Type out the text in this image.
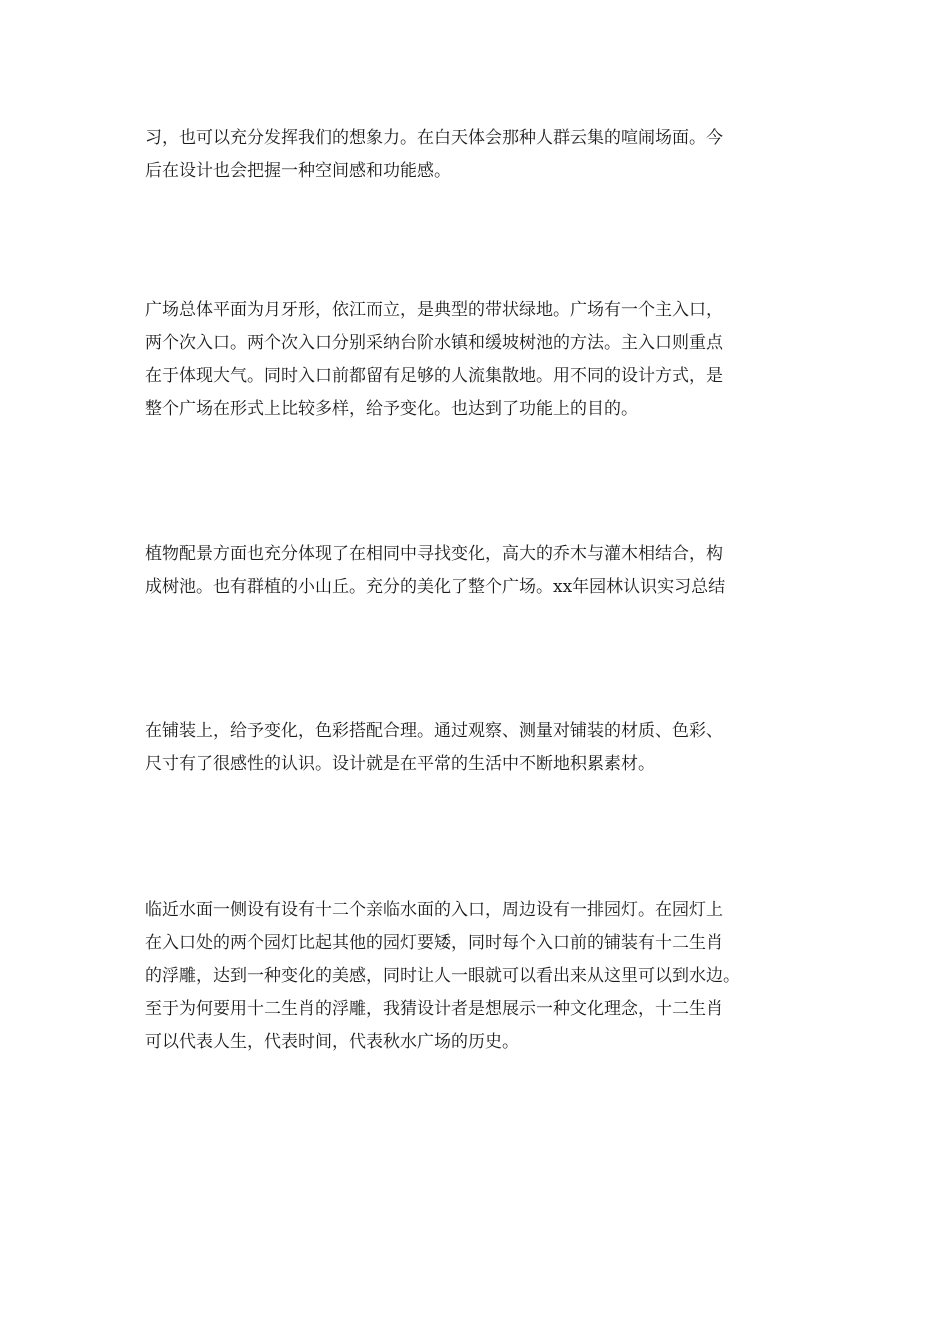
习，也可以充分发挥我们的想象力。在白天体会那种人群云集的喧闹场面。今
后在设计也会把握一种空间感和功能感。

广场总体平面为月牙形，依江而立，是典型的带状绿地。广场有一个主入口，
两个次入口。两个次入口分别采纳台阶水镇和缓坡树池的方法。主入口则重点
在于体现大气。同时入口前都留有足够的人流集散地。用不同的设计方式，是
整个广场在形式上比较多样，给予变化。也达到了功能上的目的。

植物配景方面也充分体现了在相同中寻找变化，高大的乔木与灌木相结合，构
成树池。也有群植的小山丘。充分的美化了整个广场。xx年园林认识实习总结

在铺装上，给予变化，色彩搭配合理。通过观察、测量对铺装的材质、色彩、
尺寸有了很感性的认识。设计就是在平常的生活中不断地积累素材。

临近水面一侧设有设有十二个亲临水面的入口，周边设有一排园灯。在园灯上
在入口处的两个园灯比起其他的园灯要矮，同时每个入口前的铺装有十二生肖
的浮雕，达到一种变化的美感，同时让人一眼就可以看出来从这里可以到水边。
至于为何要用十二生肖的浮雕，我猜设计者是想展示一种文化理念，十二生肖
可以代表人生，代表时间，代表秋水广场的历史。
